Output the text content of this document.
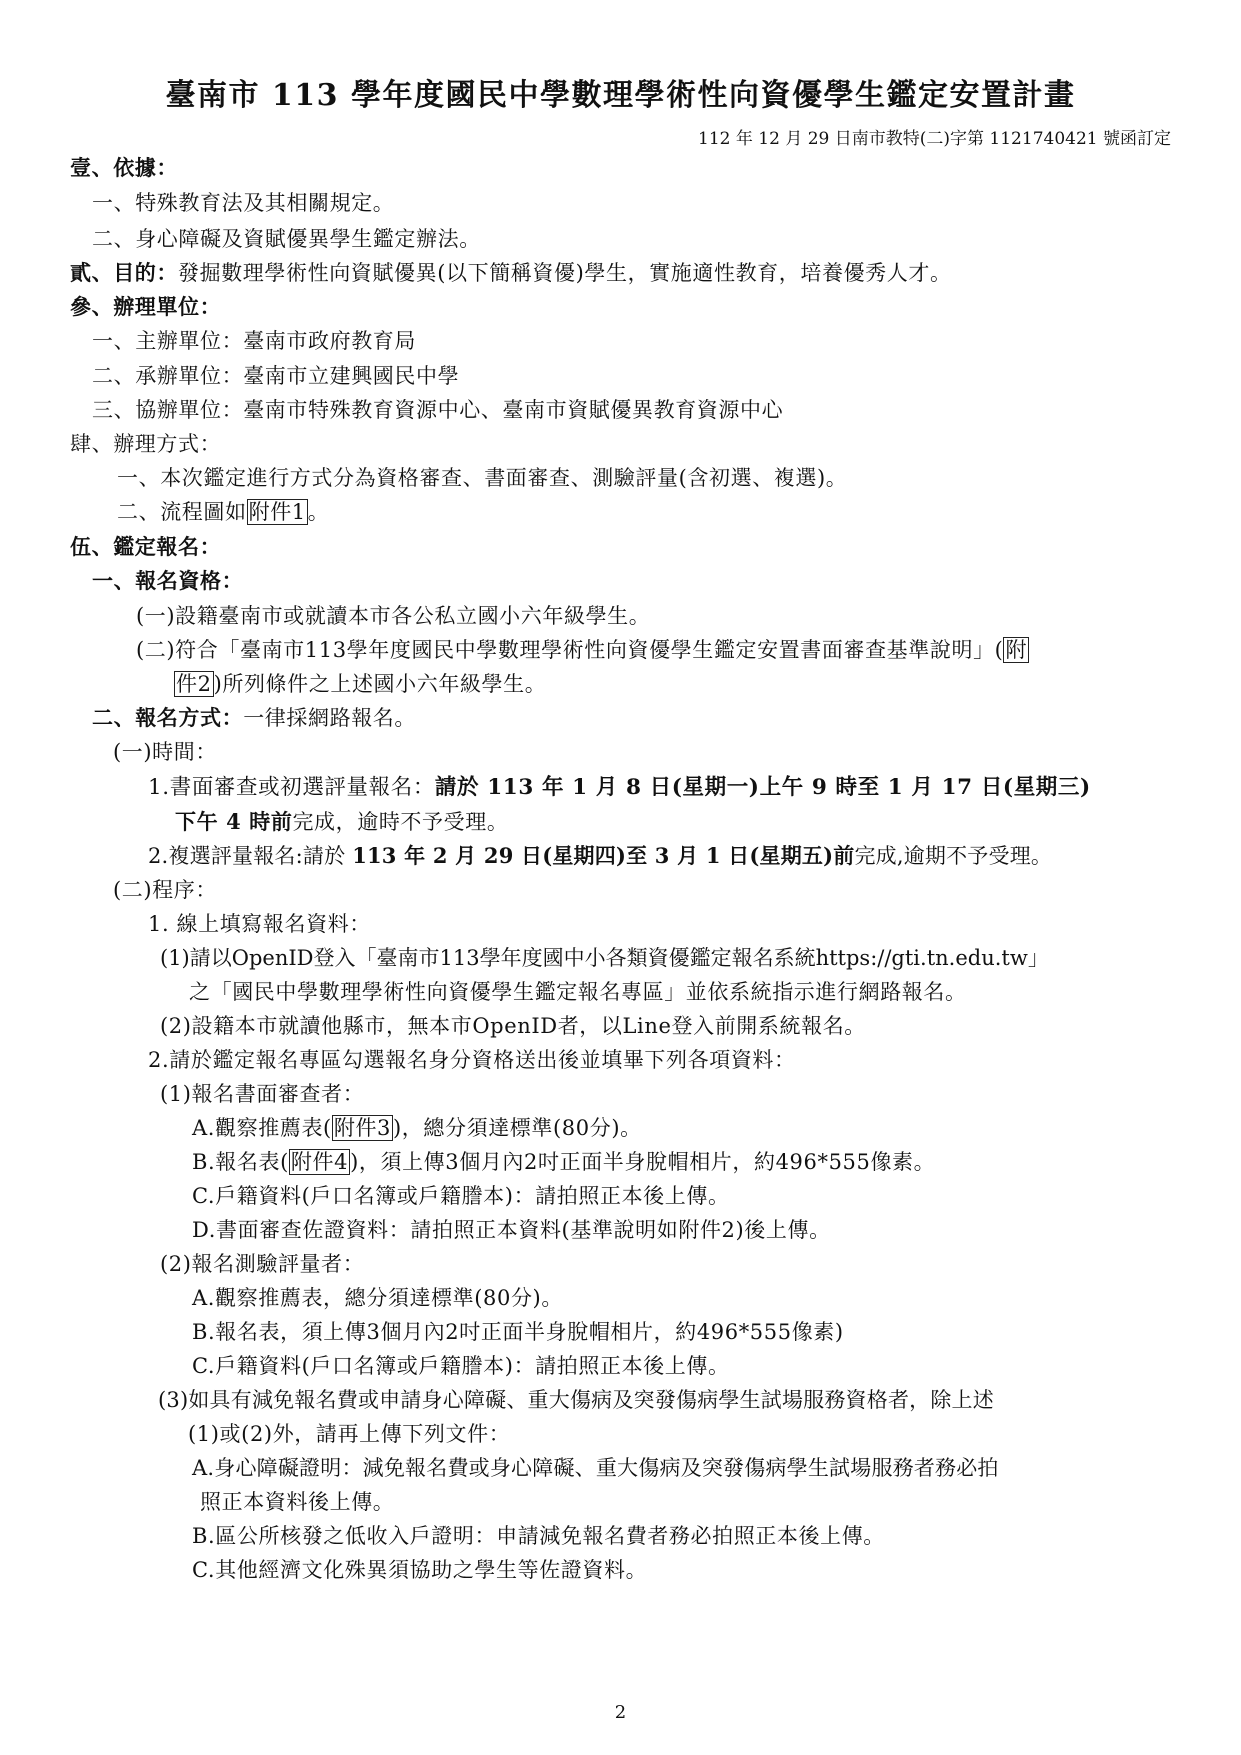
臺南市 113 學年度國民中學數理學術性向資優學生鑑定安置計畫
112 年 12 月 29 日南市教特(二)字第 1121740421 號函訂定
壹、依據：
一、特殊教育法及其相關規定。
二、身心障礙及資賦優異學生鑑定辦法。
貳、目的：發掘數理學術性向資賦優異(以下簡稱資優)學生，實施適性教育，培養優秀人才。
參、辦理單位：
一、主辦單位：臺南市政府教育局
二、承辦單位：臺南市立建興國民中學
三、協辦單位：臺南市特殊教育資源中心、臺南市資賦優異教育資源中心
肆、辦理方式：
一、本次鑑定進行方式分為資格審查、書面審查、測驗評量(含初選、複選)。
二、流程圖如附件1。
伍、鑑定報名：
一、報名資格：
(一)設籍臺南市或就讀本市各公私立國小六年級學生。
(二)符合「臺南市113學年度國民中學數理學術性向資優學生鑑定安置書面審查基準說明」(附
件2)所列條件之上述國小六年級學生。
二、報名方式：一律採網路報名。
(一)時間：
1.書面審查或初選評量報名：請於 113 年 1 月 8 日(星期一)上午 9 時至 1 月 17 日(星期三)
下午 4 時前完成，逾時不予受理。
2.複選評量報名:請於 113 年 2 月 29 日(星期四)至 3 月 1 日(星期五)前完成,逾期不予受理。
(二)程序：
1. 線上填寫報名資料：
(1)請以OpenID登入「臺南市113學年度國中小各類資優鑑定報名系統https://gti.tn.edu.tw」
之「國民中學數理學術性向資優學生鑑定報名專區」並依系統指示進行網路報名。
(2)設籍本市就讀他縣市，無本市OpenID者，以Line登入前開系統報名。
2.請於鑑定報名專區勾選報名身分資格送出後並填畢下列各項資料：
(1)報名書面審查者：
A.觀察推薦表(附件3)，總分須達標準(80分)。
B.報名表(附件4)，須上傳3個月內2吋正面半身脫帽相片，約496*555像素。
C.戶籍資料(戶口名簿或戶籍謄本)：請拍照正本後上傳。
D.書面審查佐證資料：請拍照正本資料(基準說明如附件2)後上傳。
(2)報名測驗評量者：
A.觀察推薦表，總分須達標準(80分)。
B.報名表，須上傳3個月內2吋正面半身脫帽相片，約496*555像素)
C.戶籍資料(戶口名簿或戶籍謄本)：請拍照正本後上傳。
(3)如具有減免報名費或申請身心障礙、重大傷病及突發傷病學生試場服務資格者，除上述
(1)或(2)外，請再上傳下列文件：
A.身心障礙證明：減免報名費或身心障礙、重大傷病及突發傷病學生試場服務者務必拍
照正本資料後上傳。
B.區公所核發之低收入戶證明：申請減免報名費者務必拍照正本後上傳。
C.其他經濟文化殊異須協助之學生等佐證資料。
2
